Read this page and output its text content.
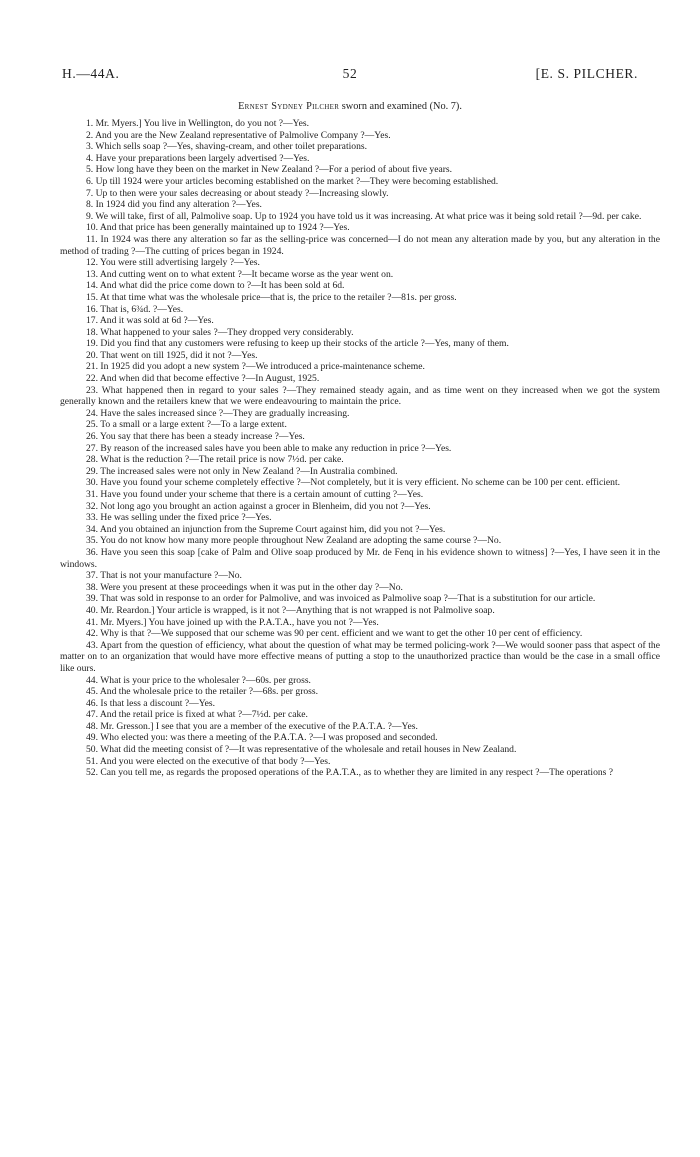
H.—44A.	52	[E. S. PILCHER.
Ernest Sydney Pilcher sworn and examined (No. 7).

1. Mr. Myers.] You live in Wellington, do you not ?—Yes.

2. And you are the New Zealand representative of Palmolive Company ?—Yes.

3. Which sells soap ?—Yes, shaving-cream, and other toilet preparations.

4. Have your preparations been largely advertised ?—Yes.

5. How long have they been on the market in New Zealand ?—For a period of about five years.

6. Up till 1924 were your articles becoming established on the market ?—They were becoming established.

7. Up to then were your sales decreasing or about steady ?—Increasing slowly.

8. In 1924 did you find any alteration ?—Yes.

9. We will take, first of all, Palmolive soap. Up to 1924 you have told us it was increasing. At what price was it being sold retail ?—9d. per cake.

10. And that price has been generally maintained up to 1924 ?—Yes.

11. In 1924 was there any alteration so far as the selling-price was concerned—I do not mean any alteration made by you, but any alteration in the method of trading ?—The cutting of prices began in 1924.

12. You were still advertising largely ?—Yes.

13. And cutting went on to what extent ?—It became worse as the year went on.

14. And what did the price come down to ?—It has been sold at 6d.

15. At that time what was the wholesale price—that is, the price to the retailer ?—81s. per gross.

16. That is, 6¾d. ?—Yes.

17. And it was sold at 6d ?—Yes.

18. What happened to your sales ?—They dropped very considerably.

19. Did you find that any customers were refusing to keep up their stocks of the article ?—Yes, many of them.

20. That went on till 1925, did it not ?—Yes.

21. In 1925 did you adopt a new system ?—We introduced a price-maintenance scheme.

22. And when did that become effective ?—In August, 1925.

23. What happened then in regard to your sales ?—They remained steady again, and as time went on they increased when we got the system generally known and the retailers knew that we were endeavouring to maintain the price.

24. Have the sales increased since ?—They are gradually increasing.

25. To a small or a large extent ?—To a large extent.

26. You say that there has been a steady increase ?—Yes.

27. By reason of the increased sales have you been able to make any reduction in price ?—Yes.

28. What is the reduction ?—The retail price is now 7½d. per cake.

29. The increased sales were not only in New Zealand ?—In Australia combined.

30. Have you found your scheme completely effective ?—Not completely, but it is very efficient. No scheme can be 100 per cent. efficient.

31. Have you found under your scheme that there is a certain amount of cutting ?—Yes.

32. Not long ago you brought an action against a grocer in Blenheim, did you not ?—Yes.

33. He was selling under the fixed price ?—Yes.

34. And you obtained an injunction from the Supreme Court against him, did you not ?—Yes.

35. You do not know how many more people throughout New Zealand are adopting the same course ?—No.

36. Have you seen this soap [cake of Palm and Olive soap produced by Mr. de Fenq in his evidence shown to witness] ?—Yes, I have seen it in the windows.

37. That is not your manufacture ?—No.

38. Were you present at these proceedings when it was put in the other day ?—No.

39. That was sold in response to an order for Palmolive, and was invoiced as Palmolive soap ?—That is a substitution for our article.

40. Mr. Reardon.] Your article is wrapped, is it not ?—Anything that is not wrapped is not Palmolive soap.

41. Mr. Myers.] You have joined up with the P.A.T.A., have you not ?—Yes.

42. Why is that ?—We supposed that our scheme was 90 per cent. efficient and we want to get the other 10 per cent of efficiency.

43. Apart from the question of efficiency, what about the question of what may be termed policing-work ?—We would sooner pass that aspect of the matter on to an organization that would have more effective means of putting a stop to the unauthorized practice than would be the case in a small office like ours.

44. What is your price to the wholesaler ?—60s. per gross.

45. And the wholesale price to the retailer ?—68s. per gross.

46. Is that less a discount ?—Yes.

47. And the retail price is fixed at what ?—7½d. per cake.

48. Mr. Gresson.] I see that you are a member of the executive of the P.A.T.A. ?—Yes.

49. Who elected you: was there a meeting of the P.A.T.A. ?—I was proposed and seconded.

50. What did the meeting consist of ?—It was representative of the wholesale and retail houses in New Zealand.

51. And you were elected on the executive of that body ?—Yes.

52. Can you tell me, as regards the proposed operations of the P.A.T.A., as to whether they are limited in any respect ?—The operations ?
